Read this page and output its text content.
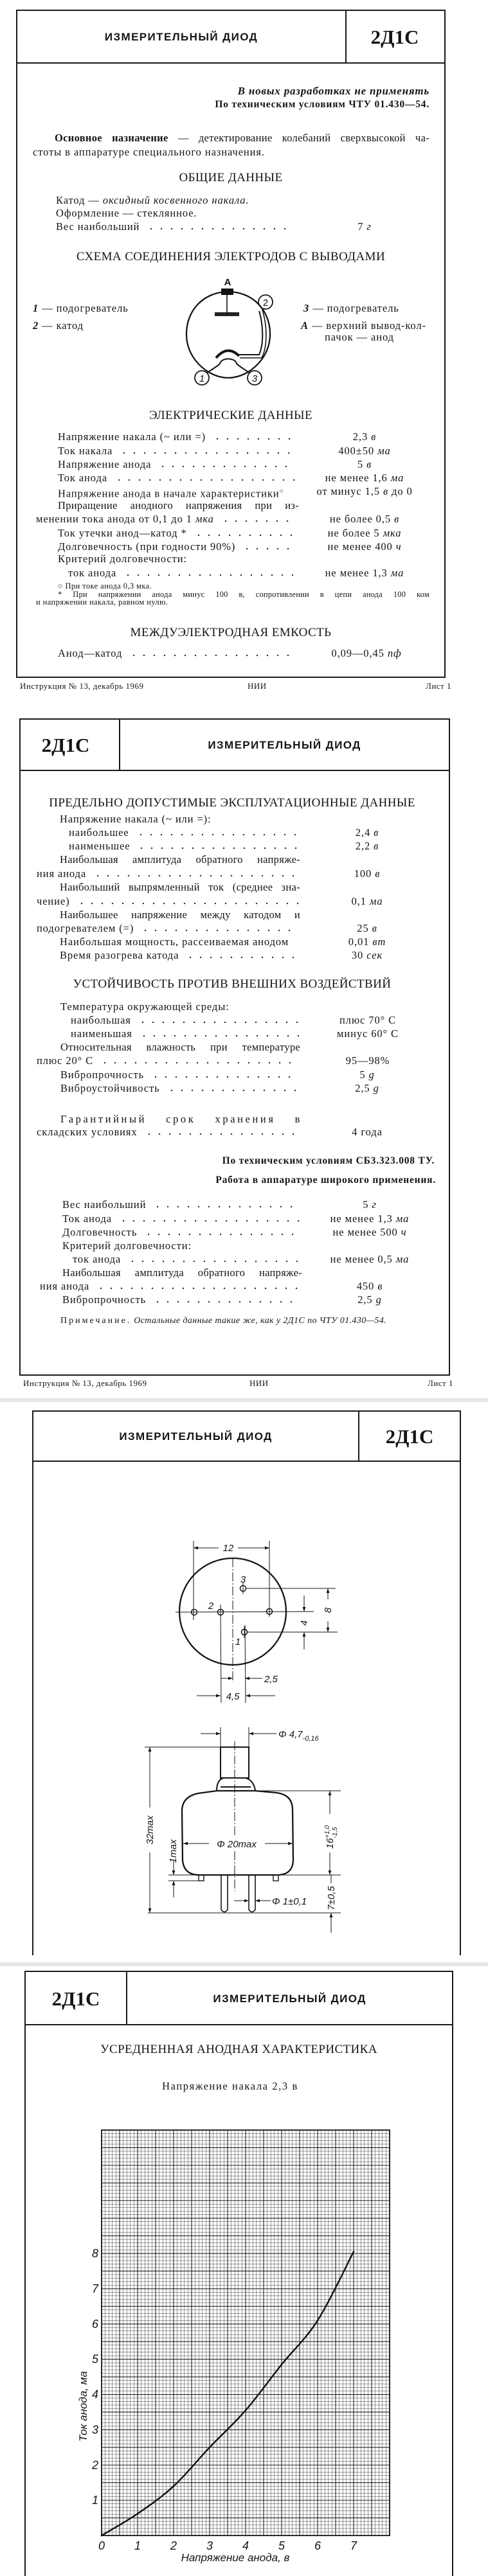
ИЗМЕРИТЕЛЬНЫЙ ДИОД	2Д1С
В новых разработках не применять
По техническим условиям ЧТУ 01.430—54.
Основное назначение — детектирование колебаний сверхвысокой ча-
стоты в аппаратуре специального назначения.
ОБЩИЕ ДАННЫЕ
Катод — оксидный косвенного накала.
Оформление — стеклянное.
Вес наибольший	7 г
СХЕМА СОЕДИНЕНИЯ ЭЛЕКТРОДОВ С ВЫВОДАМИ
A
1
2
3
1 — подогреватель
2 — катод
3 — подогреватель
A — верхний вывод-кол-
пачок — анод
ЭЛЕКТРИЧЕСКИЕ ДАННЫЕ
Напряжение накала (~ или =)	2,3 в
Ток накала	400±50 ма
Напряжение анода	5 в
Ток анода	не менее 1,6 ма
Напряжение анода в начале характеристики○	от минус 1,5 в до 0
Приращение анодного напряжения при из-
менении тока анода от 0,1 до 1
мка	не более 0,5 в
Ток утечки анод—катод *	не более 5 мка
Долговечность (при годности 90%)	не менее 400 ч
Критерий долговечности:
ток анода	не менее 1,3 ма
○ При токе анода 0,3 мка.
* При напряжении анода минус 100 в, сопротивлении в цепи анода 100 ком
и напряжении накала, равном нулю.
МЕЖДУЭЛЕКТРОДНАЯ ЕМКОСТЬ
Анод—катод	0,09—0,45 пф
Инструкция № 13, декабрь 1969	НИИ	Лист 1
2Д1С	ИЗМЕРИТЕЛЬНЫЙ ДИОД
ПРЕДЕЛЬНО ДОПУСТИМЫЕ ЭКСПЛУАТАЦИОННЫЕ ДАННЫЕ
Напряжение накала (~ или =):
наибольшее	2,4 в
наименьшее	2,2 в
Наибольшая амплитуда обратного напряже-
ния анода	100 в
Наибольший выпрямленный ток (среднее зна-
чение)	0,1 ма
Наибольшее напряжение между катодом и
подогревателем (=)	25 в
Наибольшая мощность, рассеиваемая анодом	0,01 вт
Время разогрева катода	30 сек
УСТОЙЧИВОСТЬ ПРОТИВ ВНЕШНИХ ВОЗДЕЙСТВИЙ
Температура окружающей среды:
наибольшая	плюс 70° С
наименьшая	минус 60° С
Относительная влажность при температуре
плюс 20° С	95—98%
Вибропрочность	5 g
Виброустойчивость	2,5 g
Гарантийный срок хранения в
складских условиях	4 года
По техническим условиям СБ3.323.008 ТУ.
Работа в аппаратуре широкого применения.
Вес наибольший	5 г
Ток анода	не менее 1,3 ма
Долговечность	не менее 500 ч
Критерий долговечности:
ток анода	не менее 0,5 ма
Наибольшая амплитуда обратного напряже-
ния анода	450 в
Вибропрочность	2,5 g
Примечание. Остальные данные такие же, как у 2Д1С по ЧТУ 01.430—54.
Инструкция № 13, декабрь 1969	НИИ	Лист 1
ИЗМЕРИТЕЛЬНЫЙ ДИОД	2Д1С
1
2
3
12
8
4
2,5
4,5
Φ $4,7_{-0,16}$
Φ 20max	$16^{+1,0}-1,5$
7±0,5
Φ 1±0,1
1max
32max
2Д1С	ИЗМЕРИТЕЛЬНЫЙ ДИОД
УСРЕДНЕННАЯ АНОДНАЯ ХАРАКТЕРИСТИКА
Напряжение накала 2,3 в
0	1	2	3	4	5	6	7
1
2
3
4
5
6
7
8
Напряжение анода, в
Ток анода, ма
